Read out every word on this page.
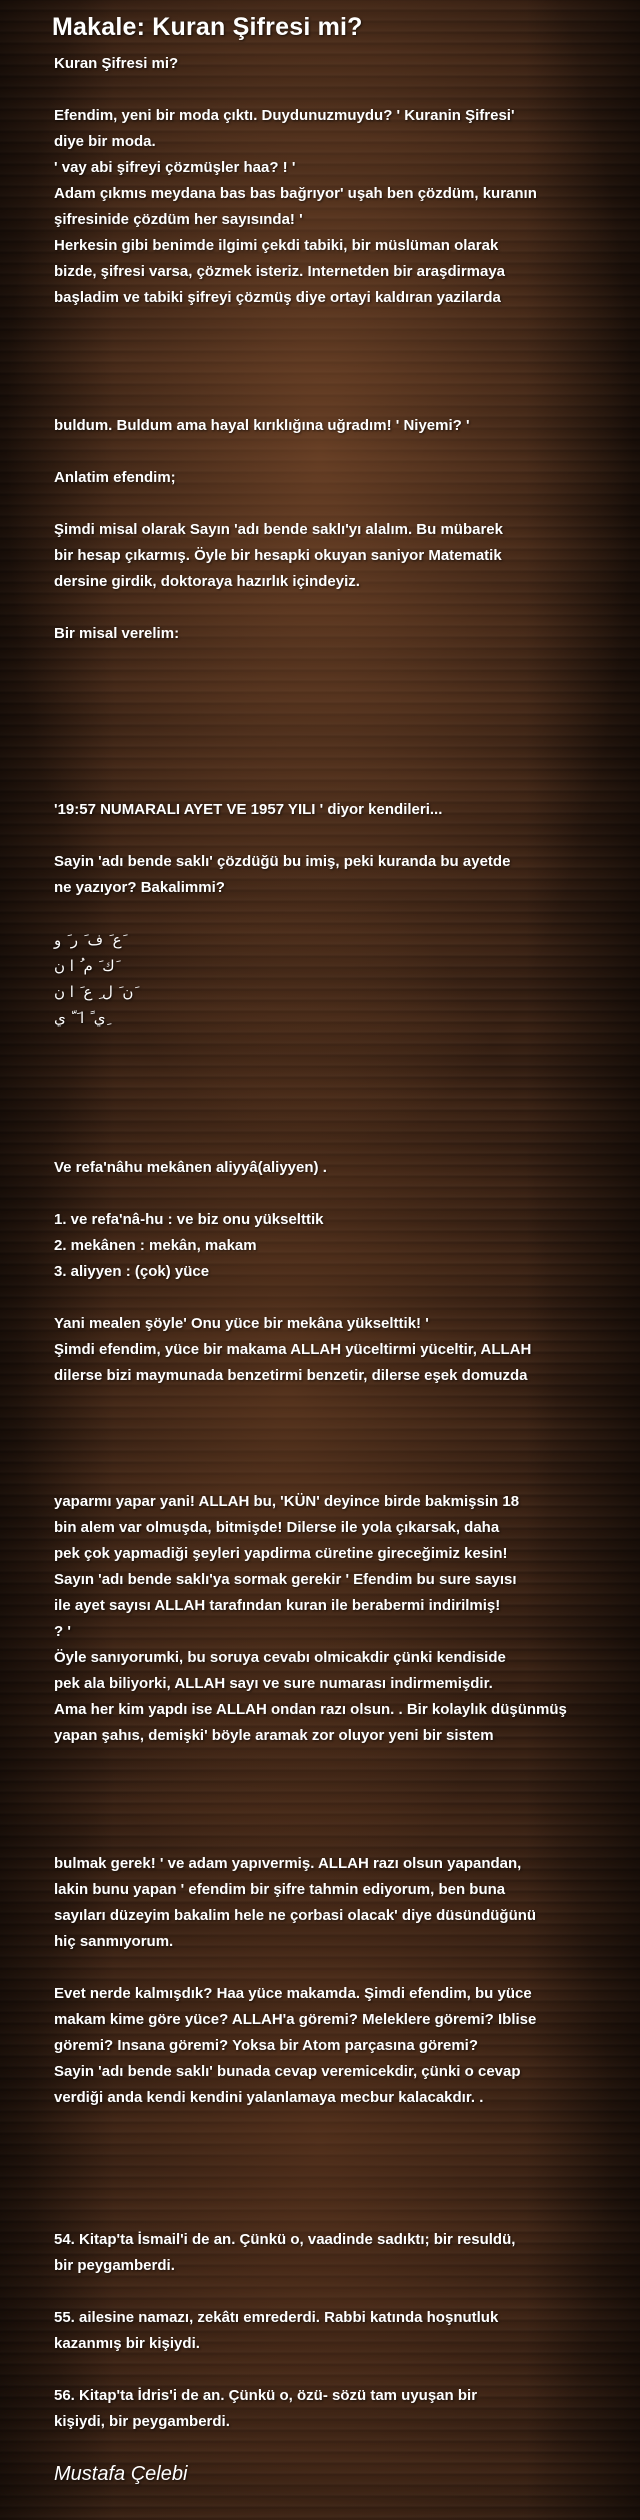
Makale: Kuran Şifresi mi?
Kuran Şifresi mi?
Efendim, yeni bir moda çıktı. Duydunuzmuydu? ' Kuranin Şifresi'
diye bir moda.
' vay abi şifreyi çözmüşler haa? ! '
Adam çıkmıs meydana bas bas bağrıyor' uşah ben çözdüm, kuranın
şifresinide çözdüm her sayısında! '
Herkesin gibi benimde ilgimi çekdi tabiki, bir müslüman olarak
bizde, şifresi varsa, çözmek isteriz. Internetden bir araşdirmaya
başladim ve tabiki şifreyi çözmüş diye ortayi kaldıran yazilarda
buldum. Buldum ama hayal kırıklığına uğradım! ' Niyemi? '
Anlatim efendim;
Şimdi misal olarak Sayın 'adı bende saklı'yı alalım. Bu mübarek
bir hesap çıkarmış. Öyle bir hesapki okuyan saniyor Matematik
dersine girdik, doktoraya hazırlık içindeyiz.
Bir misal verelim:
'19:57 NUMARALI AYET VE 1957 YILI ' diyor kendileri...
Sayin 'adı bende saklı' çözdüğü bu imiş, peki kuranda bu ayetde
ne yazıyor? Bakalimmi?
ع َ ف َ ر َ و َ
ك َ م ُ ا ن َ
ن َ ل ِ ع َ ا ن َ
ي ً ا َ ّ ي ِ
Ve refa'nâhu mekânen aliyyâ(aliyyen) .
1. ve refa'nâ-hu : ve biz onu yükselttik
2. mekânen : mekân, makam
3. aliyyen : (çok) yüce
Yani mealen şöyle' Onu yüce bir mekâna yükselttik! '
Şimdi efendim, yüce bir makama ALLAH yüceltirmi yüceltir, ALLAH
dilerse bizi maymunada benzetirmi benzetir, dilerse eşek domuzda
yaparmı yapar yani! ALLAH bu, 'KÜN' deyince birde bakmişsin 18
bin alem var olmuşda, bitmişde! Dilerse ile yola çıkarsak, daha
pek çok yapmadiği şeyleri yapdirma cüretine gireceğimiz kesin!
Sayın 'adı bende saklı'ya sormak gerekir ' Efendim bu sure sayısı
ile ayet sayısı ALLAH tarafından kuran ile berabermi indirilmiş!
? '
Öyle sanıyorumki, bu soruya cevabı olmicakdir çünki kendiside
pek ala biliyorki, ALLAH sayı ve sure numarası indirmemişdir.
Ama her kim yapdı ise ALLAH ondan razı olsun. . Bir kolaylık düşünmüş
yapan şahıs, demişki' böyle aramak zor oluyor yeni bir sistem
bulmak gerek! ' ve adam yapıvermiş. ALLAH razı olsun yapandan,
lakin bunu yapan ' efendim bir şifre tahmin ediyorum, ben buna
sayıları düzeyim bakalim hele ne çorbasi olacak' diye düsündüğünü
hiç sanmıyorum.
Evet nerde kalmışdık? Haa yüce makamda. Şimdi efendim, bu yüce
makam kime göre yüce? ALLAH'a göremi? Meleklere göremi? Iblise
göremi? Insana göremi? Yoksa bir Atom parçasına göremi?
Sayin 'adı bende saklı' bunada cevap veremicekdir, çünki o cevap
verdiği anda kendi kendini yalanlamaya mecbur kalacakdır. .
54. Kitap'ta İsmail'i de an. Çünkü o, vaadinde sadıktı; bir resuldü,
bir peygamberdi.
55. ailesine namazı, zekâtı emrederdi. Rabbi katında hoşnutluk
kazanmış bir kişiydi.
56. Kitap'ta İdris'i de an. Çünkü o, özü- sözü tam uyuşan bir
kişiydi, bir peygamberdi.
Mustafa Çelebi
